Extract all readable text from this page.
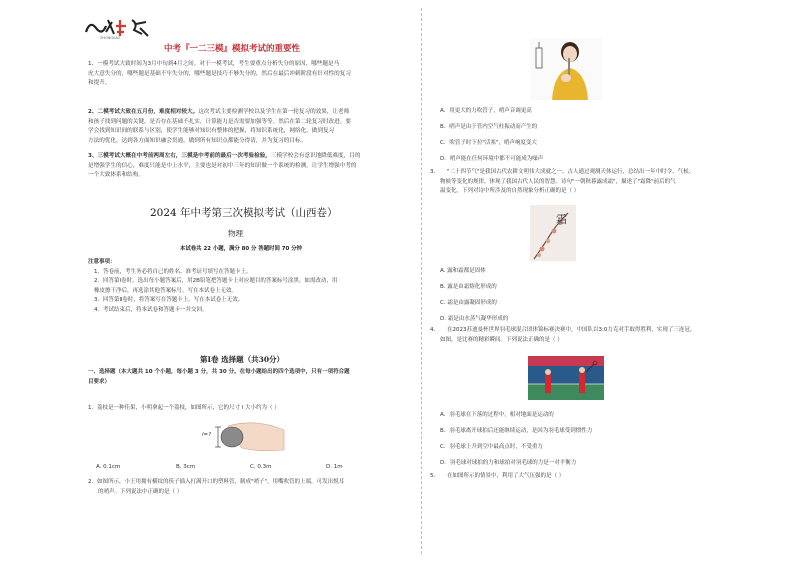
ZHONGKAO
中考『一二三模』模拟考试的重要性
1、一模考试大致时间为3月中旬到4月之间。对于一模考试，考生要重点分析失分的原因，哪些题是马
虎大意失分的，哪些题是基础不牢失分的，哪些题是技巧不够失分的，然后在最后冲刺阶段有针对性的复习
和提升。
2、二模考试大致在五月份，难度相对较大。这次考试主要检测学校以及学生在第一轮复习的效果，让老师
和孩子找到问题的关键，是否存在基础不扎实，计算能力是否需要加强等等。然后在第二轮复习时改进。要
学会找到知识间的联系与区别，使学生能够对知识有整体的把握，将知识系统化，网络化，做到复习
方法的优化，达到各方面知识融会贯通，做到所有知识点都能分得清，并为复习的目标。
3、三模考试大概在中考前两周左右，三模是中考前的最后一次考验检验，三模学校会有意识地降低难度，目的
是增强学生的信心，难度只能是中上水平，主要也是对初中三年的知识做一个系统的检测，让学生增强中考的
一个大致体系和结构。
2024 年中考第三次模拟考试（山西卷）
物理
本试卷共 22 小题，满分 80 分 答题时间 70 分钟
注意事项：
1．答卷前，考生务必将自己的姓名、准考证号填写在答题卡上。
2．回答第Ⅰ卷时，选出每小题答案后，用2B铅笔把答题卡上对应题目的答案标号涂黑。如需改动，用
橡皮擦干净后，再选涂其他答案标号。写在本试卷上无效。
3．回答第Ⅱ卷时，将答案写在答题卡上。写在本试卷上无效。
4．考试结束后，将本试卷和答题卡一并交回。
第Ⅰ卷 选择题（共30分）
一、选择题（本大题共 10 个小题，每小题 3 分，共 30 分。在每小题给出的四个选项中，只有一项符合题
目要求）
1．荔枝是一种佳果，小明拿起一个荔枝，如图所示，它的尺寸 l 大小约为（ ）
l=?
A. 0.1cm	B. 3cm	C. 0.3m	D. 1m
2．如图所示，小王用拥有横纹的筷子插入打满开口的塑料管，制成"哨子"，用嘴吹管的上端，可发出悦耳
的哨声。下列说法中正确的是（ ）
A．用更大的力吹管子，哨声音调更高
B．哨声是由于管内空气柱振动而产生的
C．吹管子时下拉"活塞"，哨声响度变大
D．哨声能在任何环境中都不可能成为噪声
3． "二十四节气"是我国古代农耕文明伟大成就之一。古人通过观测天体运行，总结出一年中时令、气候、
物候等变化的规律，体现了我国古代人民的智慧。诗句"一朝秋暮露成霜"，描述了"霜降"前后的气
温变化。下列对诗中所涉及的自然现象分析正确的是（ ）
霜
A. 露和霜都是固体
B. 露是由霜熔化形成的
C. 霜是由露凝固形成的
D. 霜是由水蒸气凝华形成的
4． 在2023苏迪曼杯世界羽毛球混合团体锦标赛决赛中，中国队以3:0力克对手取得胜利，实现了三连冠。
如图，是比赛的精彩瞬间。下列说法正确的是（ ）
A．羽毛球在下落的过程中，相对地面是运动的
B．羽毛球离开球拍后还能继续运动，是因为羽毛球受到惯性力
C．羽毛球上升到空中最高点时，不受重力
D．羽毛球对球拍的力和球拍对羽毛球的力是一对平衡力
5． 在如图所示的情景中，利用了大气压强的是（ ）
